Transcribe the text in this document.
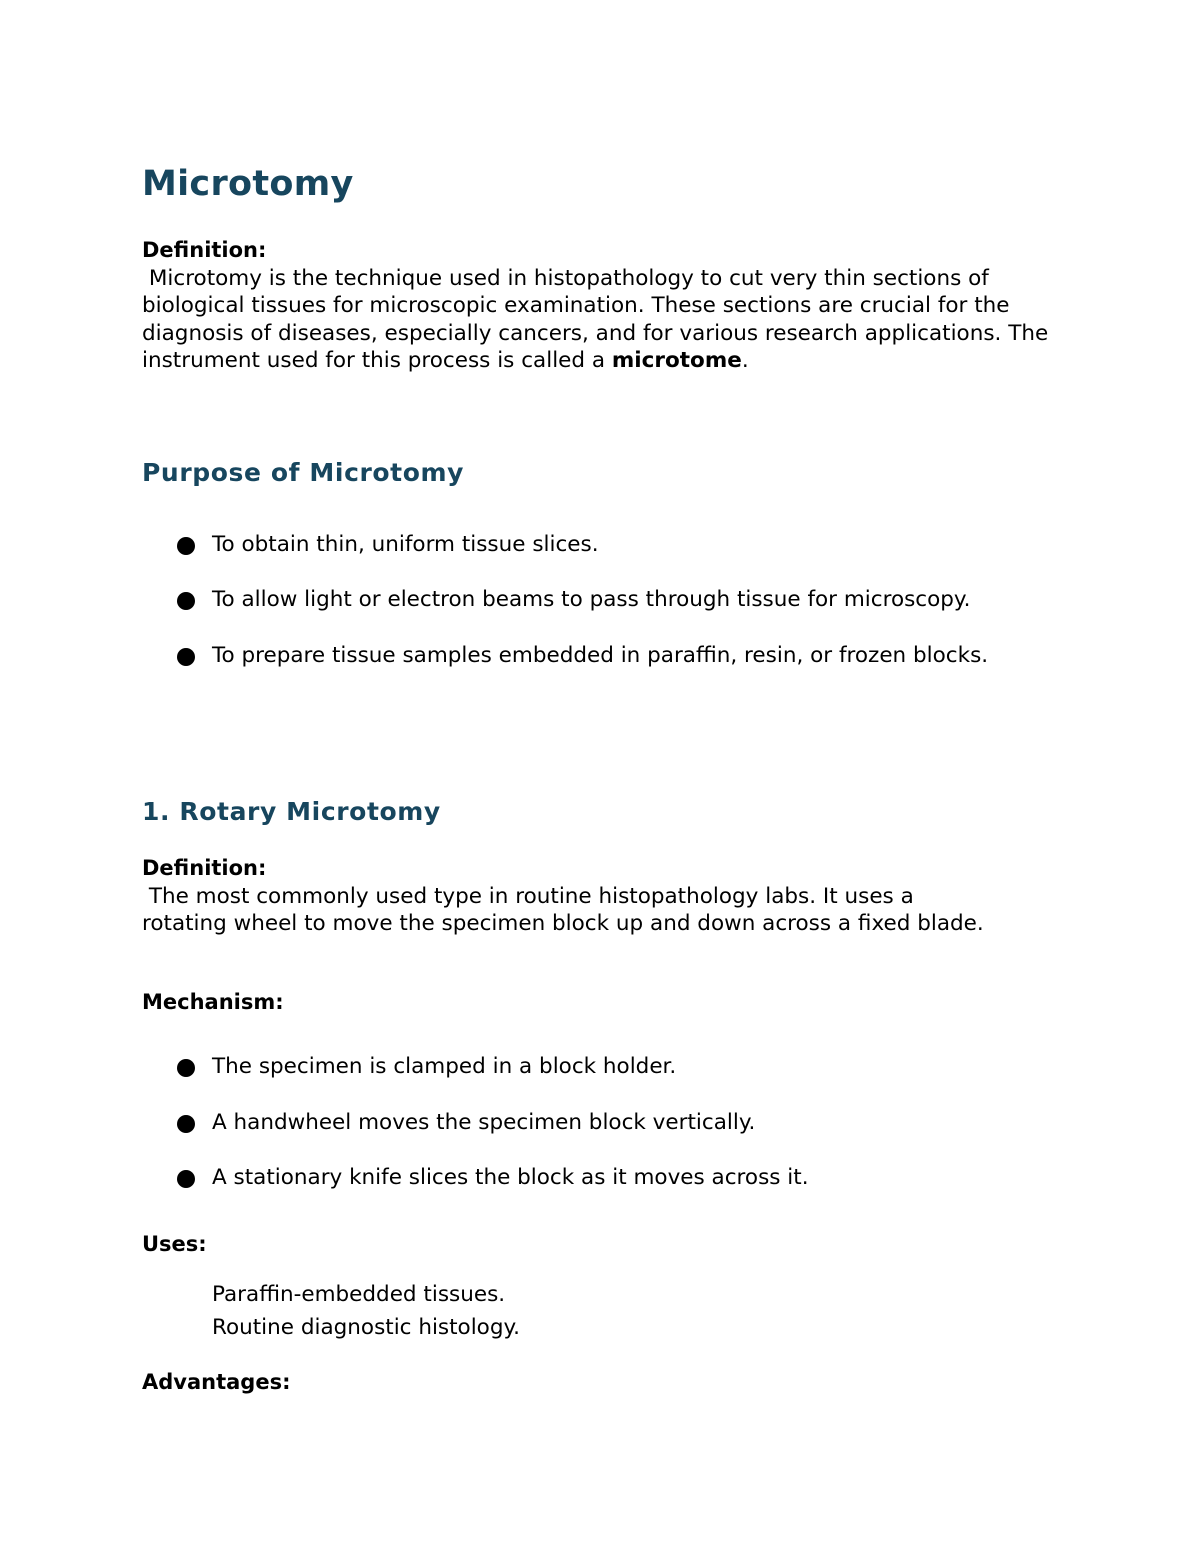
Microtomy
Definition:

Microtomy is the technique used in histopathology to cut very thin sections of biological tissues for microscopic examination. These sections are crucial for the diagnosis of diseases, especially cancers, and for various research applications. The instrument used for this process is called a microtome.

Purpose of Microtomy
To obtain thin, uniform tissue slices.
To allow light or electron beams to pass through tissue for microscopy.
To prepare tissue samples embedded in paraffin, resin, or frozen blocks.
1. Rotary Microtomy
Definition:

The most commonly used type in routine histopathology labs. It uses a rotating wheel to move the specimen block up and down across a fixed blade.

Mechanism:
The specimen is clamped in a block holder.
A handwheel moves the specimen block vertically.
A stationary knife slices the block as it moves across it.
Uses:
Paraffin-embedded tissues.
Routine diagnostic histology.
Advantages:
